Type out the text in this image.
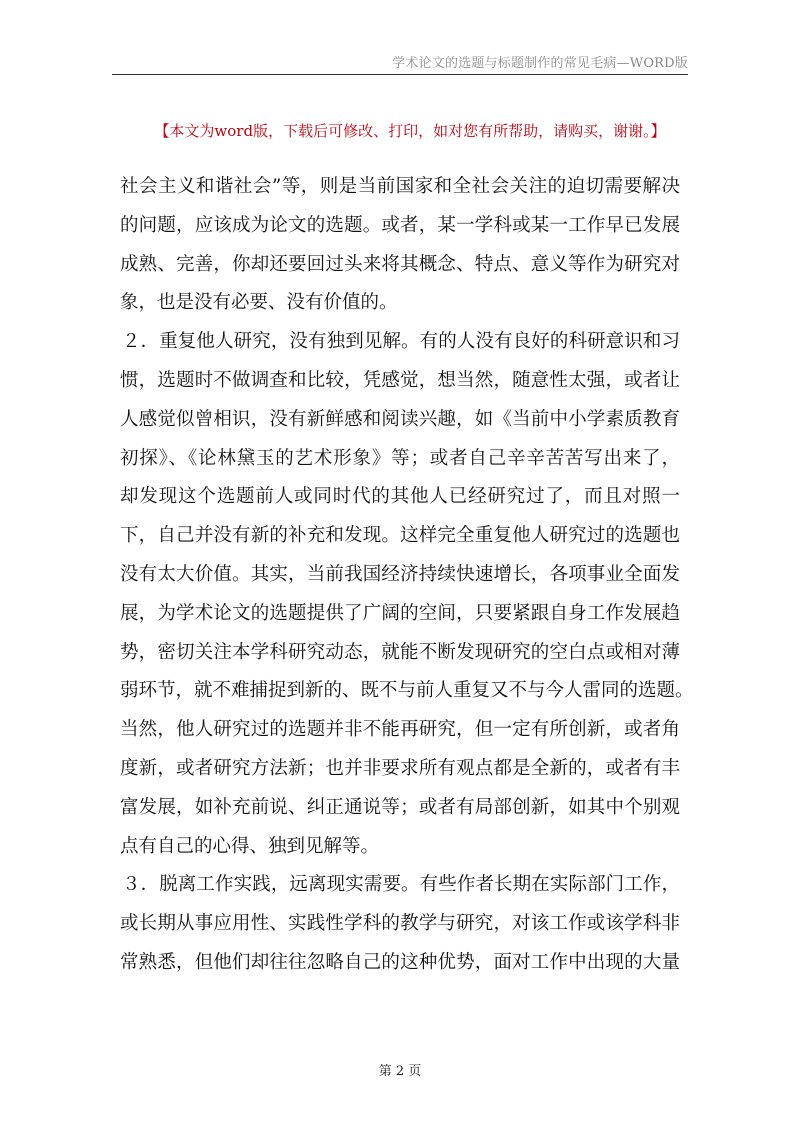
学术论文的选题与标题制作的常见毛病—WORD版
【本文为word版，下载后可修改、打印，如对您有所帮助，请购买，谢谢。】
社会主义和谐社会”等，则是当前国家和全社会关注的迫切需要解决
的问题，应该成为论文的选题。或者，某一学科或某一工作早已发展
成熟、完善，你却还要回过头来将其概念、特点、意义等作为研究对
象，也是没有必要、没有价值的。
２．重复他人研究，没有独到见解。有的人没有良好的科研意识和习
惯，选题时不做调查和比较，凭感觉，想当然，随意性太强，或者让
人感觉似曾相识，没有新鲜感和阅读兴趣，如《当前中小学素质教育
初探》、《论林黛玉的艺术形象》等；或者自己辛辛苦苦写出来了，
却发现这个选题前人或同时代的其他人已经研究过了，而且对照一
下，自己并没有新的补充和发现。这样完全重复他人研究过的选题也
没有太大价值。其实，当前我国经济持续快速增长，各项事业全面发
展，为学术论文的选题提供了广阔的空间，只要紧跟自身工作发展趋
势，密切关注本学科研究动态，就能不断发现研究的空白点或相对薄
弱环节，就不难捕捉到新的、既不与前人重复又不与今人雷同的选题。
当然，他人研究过的选题并非不能再研究，但一定有所创新，或者角
度新，或者研究方法新；也并非要求所有观点都是全新的，或者有丰
富发展，如补充前说、纠正通说等；或者有局部创新，如其中个别观
点有自己的心得、独到见解等。
３．脱离工作实践，远离现实需要。有些作者长期在实际部门工作，
或长期从事应用性、实践性学科的教学与研究，对该工作或该学科非
常熟悉，但他们却往往忽略自己的这种优势，面对工作中出现的大量
第 2 页
